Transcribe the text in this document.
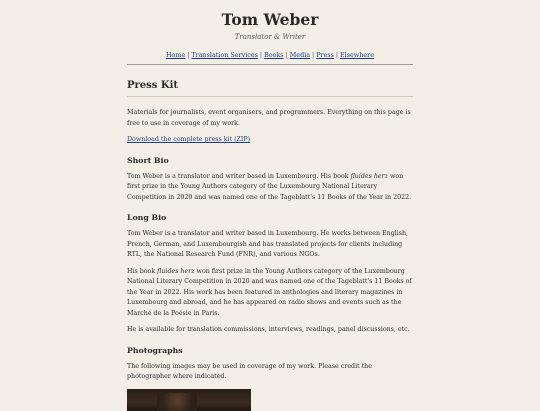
Tom Weber
Translator & Writer
Home | Translation Services | Books | Media | Press | Elsewhere
Press Kit

Materials for journalists, event organisers, and programmers. Everything on this page is free to use in coverage of my work.

Download the complete press kit (ZIP)

Short Bio

Tom Weber is a translator and writer based in Luxembourg. His book fluides herz won first prize in the Young Authors category of the Luxembourg National Literary Competition in 2020 and was named one of the Tageblatt's 11 Books of the Year in 2022.

Long Bio

Tom Weber is a translator and writer based in Luxembourg. He works between English, French, German, and Luxembourgish and has translated projects for clients including RTL, the National Research Fund (FNR), and various NGOs.

His book fluides herz won first prize in the Young Authors category of the Luxembourg National Literary Competition in 2020 and was named one of the Tageblatt's 11 Books of the Year in 2022. His work has been featured in anthologies and literary magazines in Luxembourg and abroad, and he has appeared on radio shows and events such as the Marché de la Poésie in Paris.

He is available for translation commissions, interviews, readings, panel discussions, etc.

Photographs

The following images may be used in coverage of my work. Please credit the photographer where indicated.
